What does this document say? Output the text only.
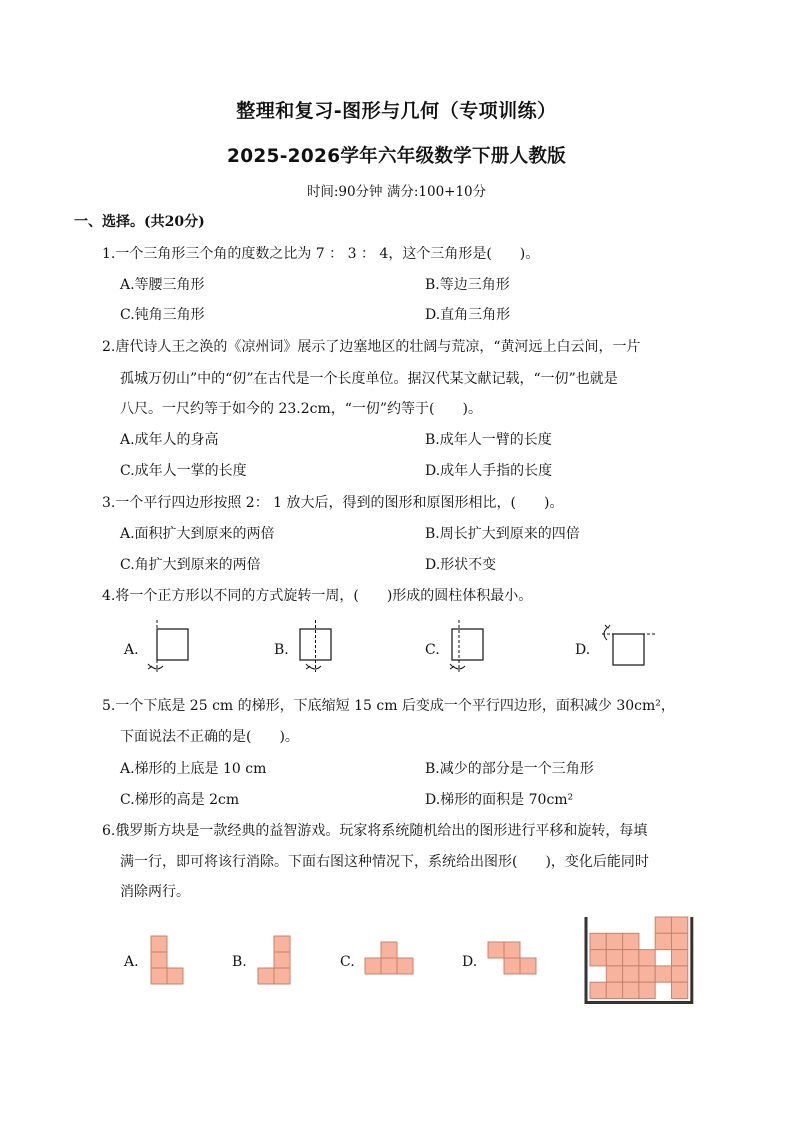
整理和复习-图形与几何（专项训练）
2025-2026学年六年级数学下册人教版
时间:90分钟 满分:100+10分
一、选择。(共20分)
1.一个三角形三个角的度数之比为 7 ： 3 ： 4，这个三角形是(　　)。
A.等腰三角形	B.等边三角形
C.钝角三角形	D.直角三角形
2.唐代诗人王之涣的《凉州词》展示了边塞地区的壮阔与荒凉，“黄河远上白云间，一片
孤城万仞山”中的“仞”在古代是一个长度单位。据汉代某文献记载，“一仞”也就是
八尺。一尺约等于如今的 23.2cm，“一仞”约等于(　　)。
A.成年人的身高	B.成年人一臂的长度
C.成年人一掌的长度	D.成年人手指的长度
3.一个平行四边形按照 2： 1 放大后，得到的图形和原图形相比，(　　)。
A.面积扩大到原来的两倍	B.周长扩大到原来的四倍
C.角扩大到原来的两倍	D.形状不变
4.将一个正方形以不同的方式旋转一周，(　　)形成的圆柱体积最小。
A.	B.	C.	D.
5.一个下底是 25 cm 的梯形，下底缩短 15 cm 后变成一个平行四边形，面积减少 30cm²，
下面说法不正确的是(　　)。
A.梯形的上底是 10 cm	B.减少的部分是一个三角形
C.梯形的高是 2cm	D.梯形的面积是 70cm²
6.俄罗斯方块是一款经典的益智游戏。玩家将系统随机给出的图形进行平移和旋转，每填
满一行，即可将该行消除。下面右图这种情况下，系统给出图形(　　)，变化后能同时
消除两行。
A.	B.	C.	D.
